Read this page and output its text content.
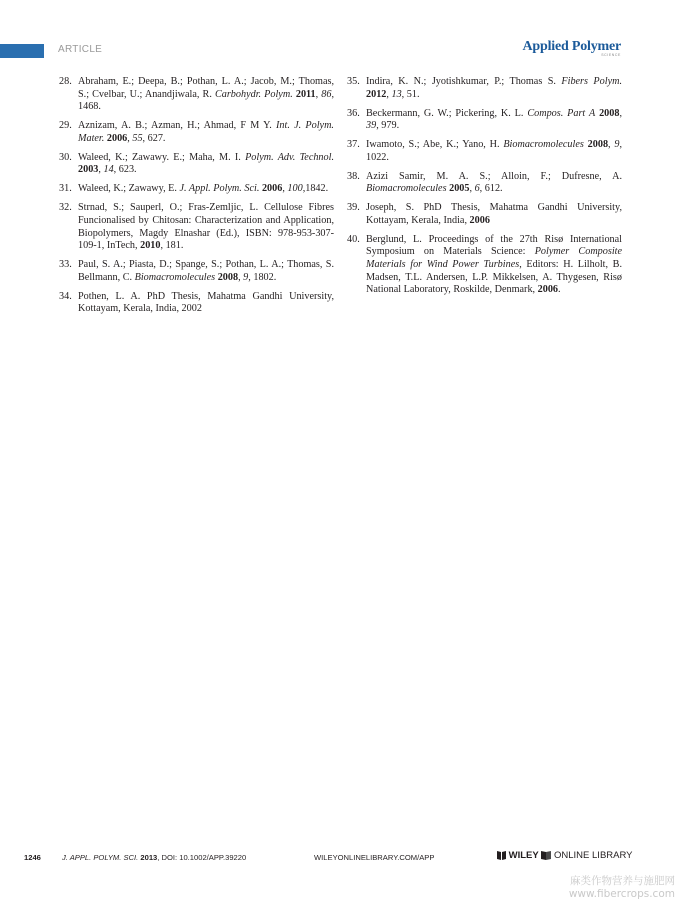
ARTICLE	Applied Polymer
SCIENCE
28. Abraham, E.; Deepa, B.; Pothan, L. A.; Jacob, M.; Thomas, S.; Cvelbar, U.; Anandjiwala, R. Carbohydr. Polym. 2011, 86, 1468.
29. Aznizam, A. B.; Azman, H.; Ahmad, F M Y. Int. J. Polym. Mater. 2006, 55, 627.
30. Waleed, K.; Zawawy. E.; Maha, M. I. Polym. Adv. Technol. 2003, 14, 623.
31. Waleed, K.; Zawawy, E. J. Appl. Polym. Sci. 2006, 100,1842.
32. Strnad, S.; Sauperl, O.; Fras-Zemljic, L. Cellulose Fibres Funcionalised by Chitosan: Characterization and Application, Biopolymers, Magdy Elnashar (Ed.), ISBN: 978-953-307-109-1, InTech, 2010, 181.
33. Paul, S. A.; Piasta, D.; Spange, S.; Pothan, L. A.; Thomas, S. Bellmann, C. Biomacromolecules 2008, 9, 1802.
34. Pothen, L. A. PhD Thesis, Mahatma Gandhi University, Kottayam, Kerala, India, 2002
35. Indira, K. N.; Jyotishkumar, P.; Thomas S. Fibers Polym. 2012, 13, 51.
36. Beckermann, G. W.; Pickering, K. L. Compos. Part A 2008, 39, 979.
37. Iwamoto, S.; Abe, K.; Yano, H. Biomacromolecules 2008, 9, 1022.
38. Azizi Samir, M. A. S.; Alloin, F.; Dufresne, A. Biomacromolecules 2005, 6, 612.
39. Joseph, S. PhD Thesis, Mahatma Gandhi University, Kottayam, Kerala, India, 2006
40. Berglund, L. Proceedings of the 27th Risø International Symposium on Materials Science: Polymer Composite Materials for Wind Power Turbines, Editors: H. Lilholt, B. Madsen, T.L. Andersen, L.P. Mikkelsen, A. Thygesen, Risø National Laboratory, Roskilde, Denmark, 2006.
1246	J. APPL. POLYM. SCI. 2013, DOI: 10.1002/APP.39220	WILEYONLINELIBRARY.COM/APP	WILEY  ONLINE LIBRARY
麻类作物营养与施肥网
www.fibercrops.com
